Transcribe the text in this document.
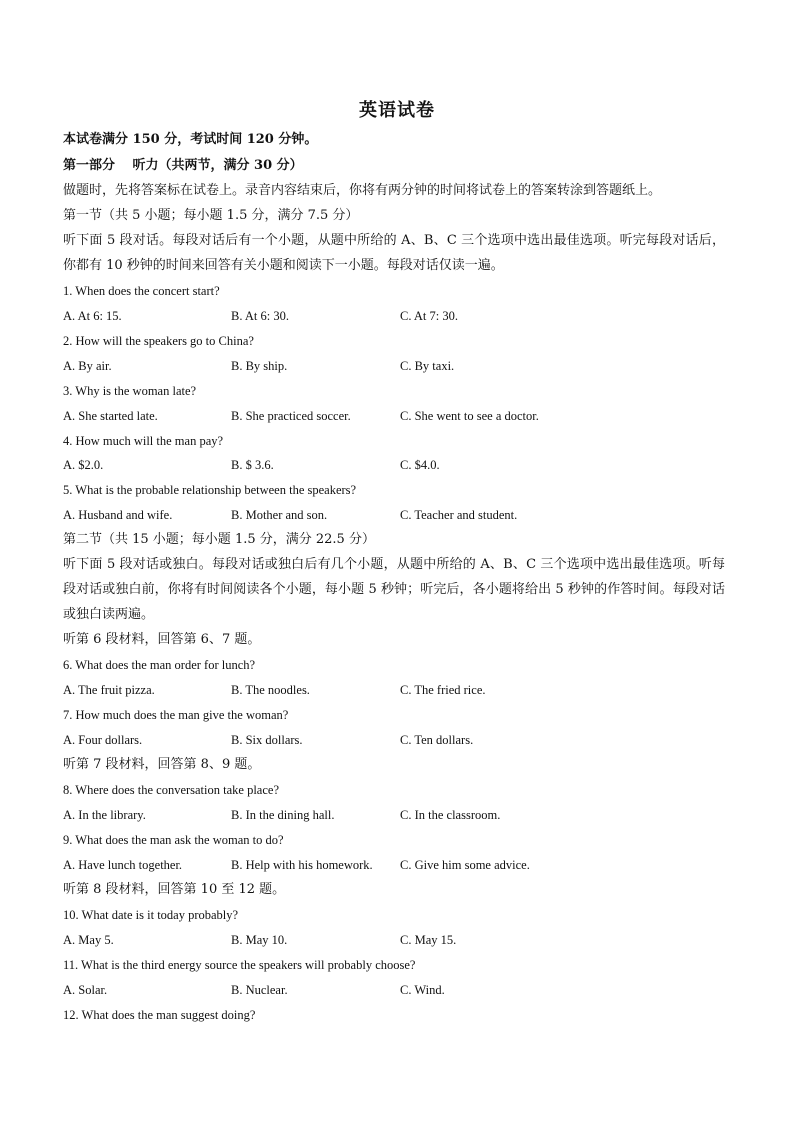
英语试卷
本试卷满分 150 分，考试时间 120 分钟。
第一部分　 听力（共两节，满分 30 分）
做题时，先将答案标在试卷上。录音内容结束后，你将有两分钟的时间将试卷上的答案转涂到答题纸上。
第一节（共 5 小题；每小题 1.5 分，满分 7.5 分）
听下面 5 段对话。每段对话后有一个小题，从题中所给的 A、B、C 三个选项中选出最佳选项。听完每段对话后，你都有 10 秒钟的时间来回答有关小题和阅读下一小题。每段对话仅读一遍。
1. When does the concert start?
A. At 6: 15.	B. At 6: 30.	C. At 7: 30.
2. How will the speakers go to China?
A. By air.	B. By ship.	C. By taxi.
3. Why is the woman late?
A. She started late.	B. She practiced soccer.	C. She went to see a doctor.
4. How much will the man pay?
A. $2.0.	B. $ 3.6.	C. $4.0.
5. What is the probable relationship between the speakers?
A. Husband and wife.	B. Mother and son.	C. Teacher and student.
第二节（共 15 小题；每小题 1.5 分，满分 22.5 分）
听下面 5 段对话或独白。每段对话或独白后有几个小题，从题中所给的 A、B、C 三个选项中选出最佳选项。听每段对话或独白前，你将有时间阅读各个小题，每小题 5 秒钟；听完后，各小题将给出 5 秒钟的作答时间。每段对话或独白读两遍。
听第 6 段材料，回答第 6、7 题。
6. What does the man order for lunch?
A. The fruit pizza.	B. The noodles.	C. The fried rice.
7. How much does the man give the woman?
A. Four dollars.	B. Six dollars.	C. Ten dollars.
听第 7 段材料，回答第 8、9 题。
8. Where does the conversation take place?
A. In the library.	B. In the dining hall.	C. In the classroom.
9. What does the man ask the woman to do?
A. Have lunch together.	B. Help with his homework. C. Give him some advice.
听第 8 段材料，回答第 10 至 12 题。
10. What date is it today probably?
A. May 5.	B. May 10.	C. May 15.
11. What is the third energy source the speakers will probably choose?
A. Solar.	B. Nuclear.	C. Wind.
12. What does the man suggest doing?
